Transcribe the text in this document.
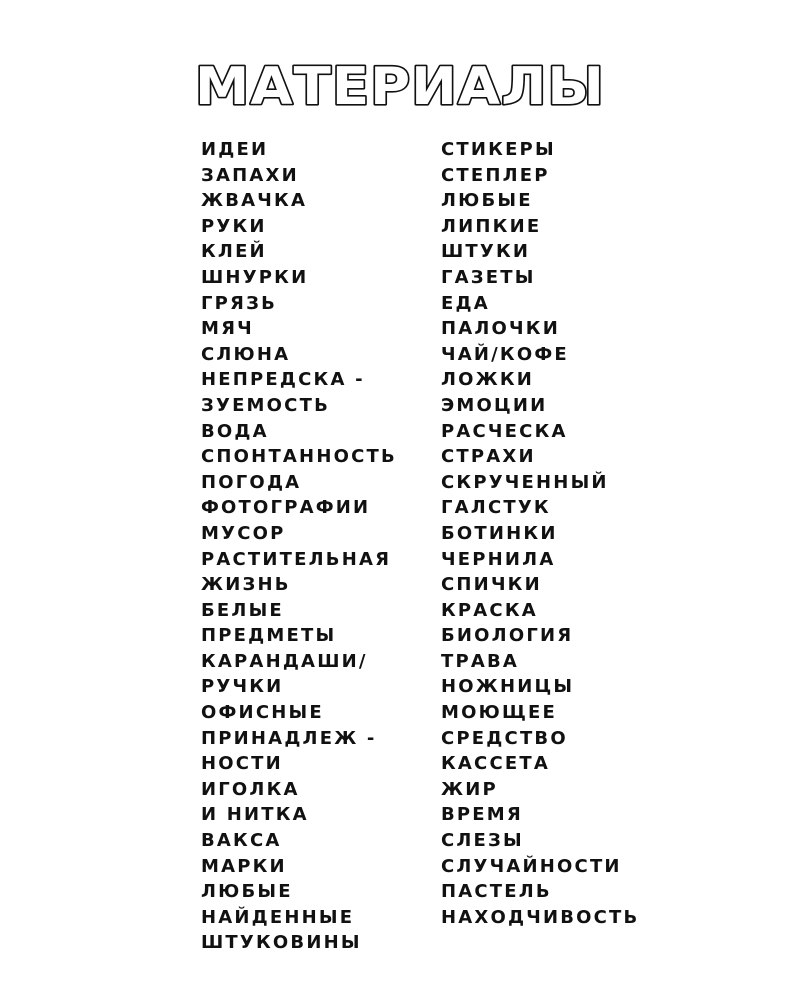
МАТЕРИАЛЫ
ИДЕИ
ЗАПАХИ
ЖВАЧКА
РУКИ
КЛЕЙ
ШНУРКИ
ГРЯЗЬ
МЯЧ
СЛЮНА
НЕПРЕДСКА -
ЗУЕМОСТЬ
ВОДА
СПОНТАННОСТЬ
ПОГОДА
ФОТОГРАФИИ
МУСОР
РАСТИТЕЛЬНАЯ
ЖИЗНЬ
БЕЛЫЕ
ПРЕДМЕТЫ
КАРАНДАШИ/
РУЧКИ
ОФИСНЫЕ
ПРИНАДЛЕЖ -
НОСТИ
ИГОЛКА
И НИТКА
ВАКСА
МАРКИ
ЛЮБЫЕ
НАЙДЕННЫЕ
ШТУКОВИНЫ
СТИКЕРЫ
СТЕПЛЕР
ЛЮБЫЕ
ЛИПКИЕ
ШТУКИ
ГАЗЕТЫ
ЕДА
ПАЛОЧКИ
ЧАЙ/КОФЕ
ЛОЖКИ
ЭМОЦИИ
РАСЧЕСКА
СТРАХИ
СКРУЧЕННЫЙ
ГАЛСТУК
БОТИНКИ
ЧЕРНИЛА
СПИЧКИ
КРАСКА
БИОЛОГИЯ
ТРАВА
НОЖНИЦЫ
МОЮЩЕЕ
СРЕДСТВО
КАССЕТА
ЖИР
ВРЕМЯ
СЛЕЗЫ
СЛУЧАЙНОСТИ
ПАСТЕЛЬ
НАХОДЧИВОСТЬ
